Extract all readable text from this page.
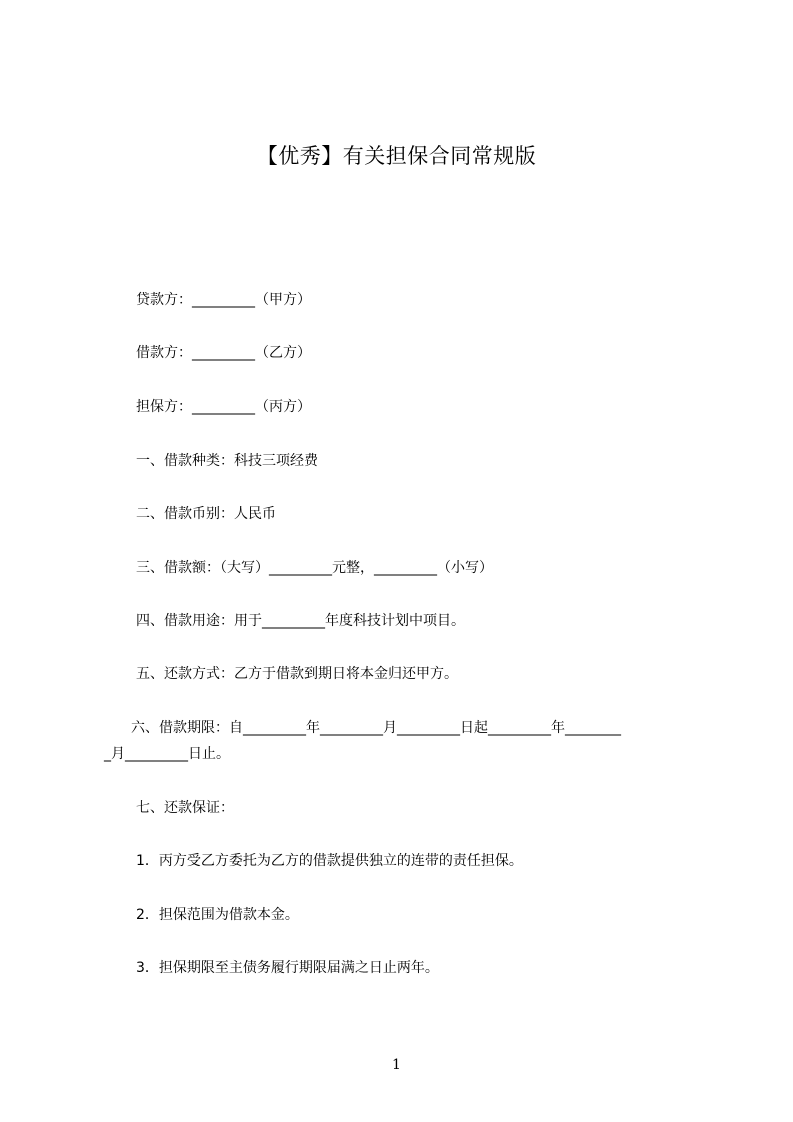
【优秀】有关担保合同常规版

贷款方：_________（甲方）

借款方：_________（乙方）

担保方：_________（丙方）

一、借款种类：科技三项经费

二、借款币别：人民币

三、借款额：（大写）_________元整，_________（小写）

四、借款用途：用于_________年度科技计划中项目。

五、还款方式：乙方于借款到期日将本金归还甲方。

六、借款期限：自_________年_________月_________日起_________年________

_月_________日止。

七、还款保证：

1．丙方受乙方委托为乙方的借款提供独立的连带的责任担保。

2．担保范围为借款本金。

3．担保期限至主债务履行期限届满之日止两年。

1
